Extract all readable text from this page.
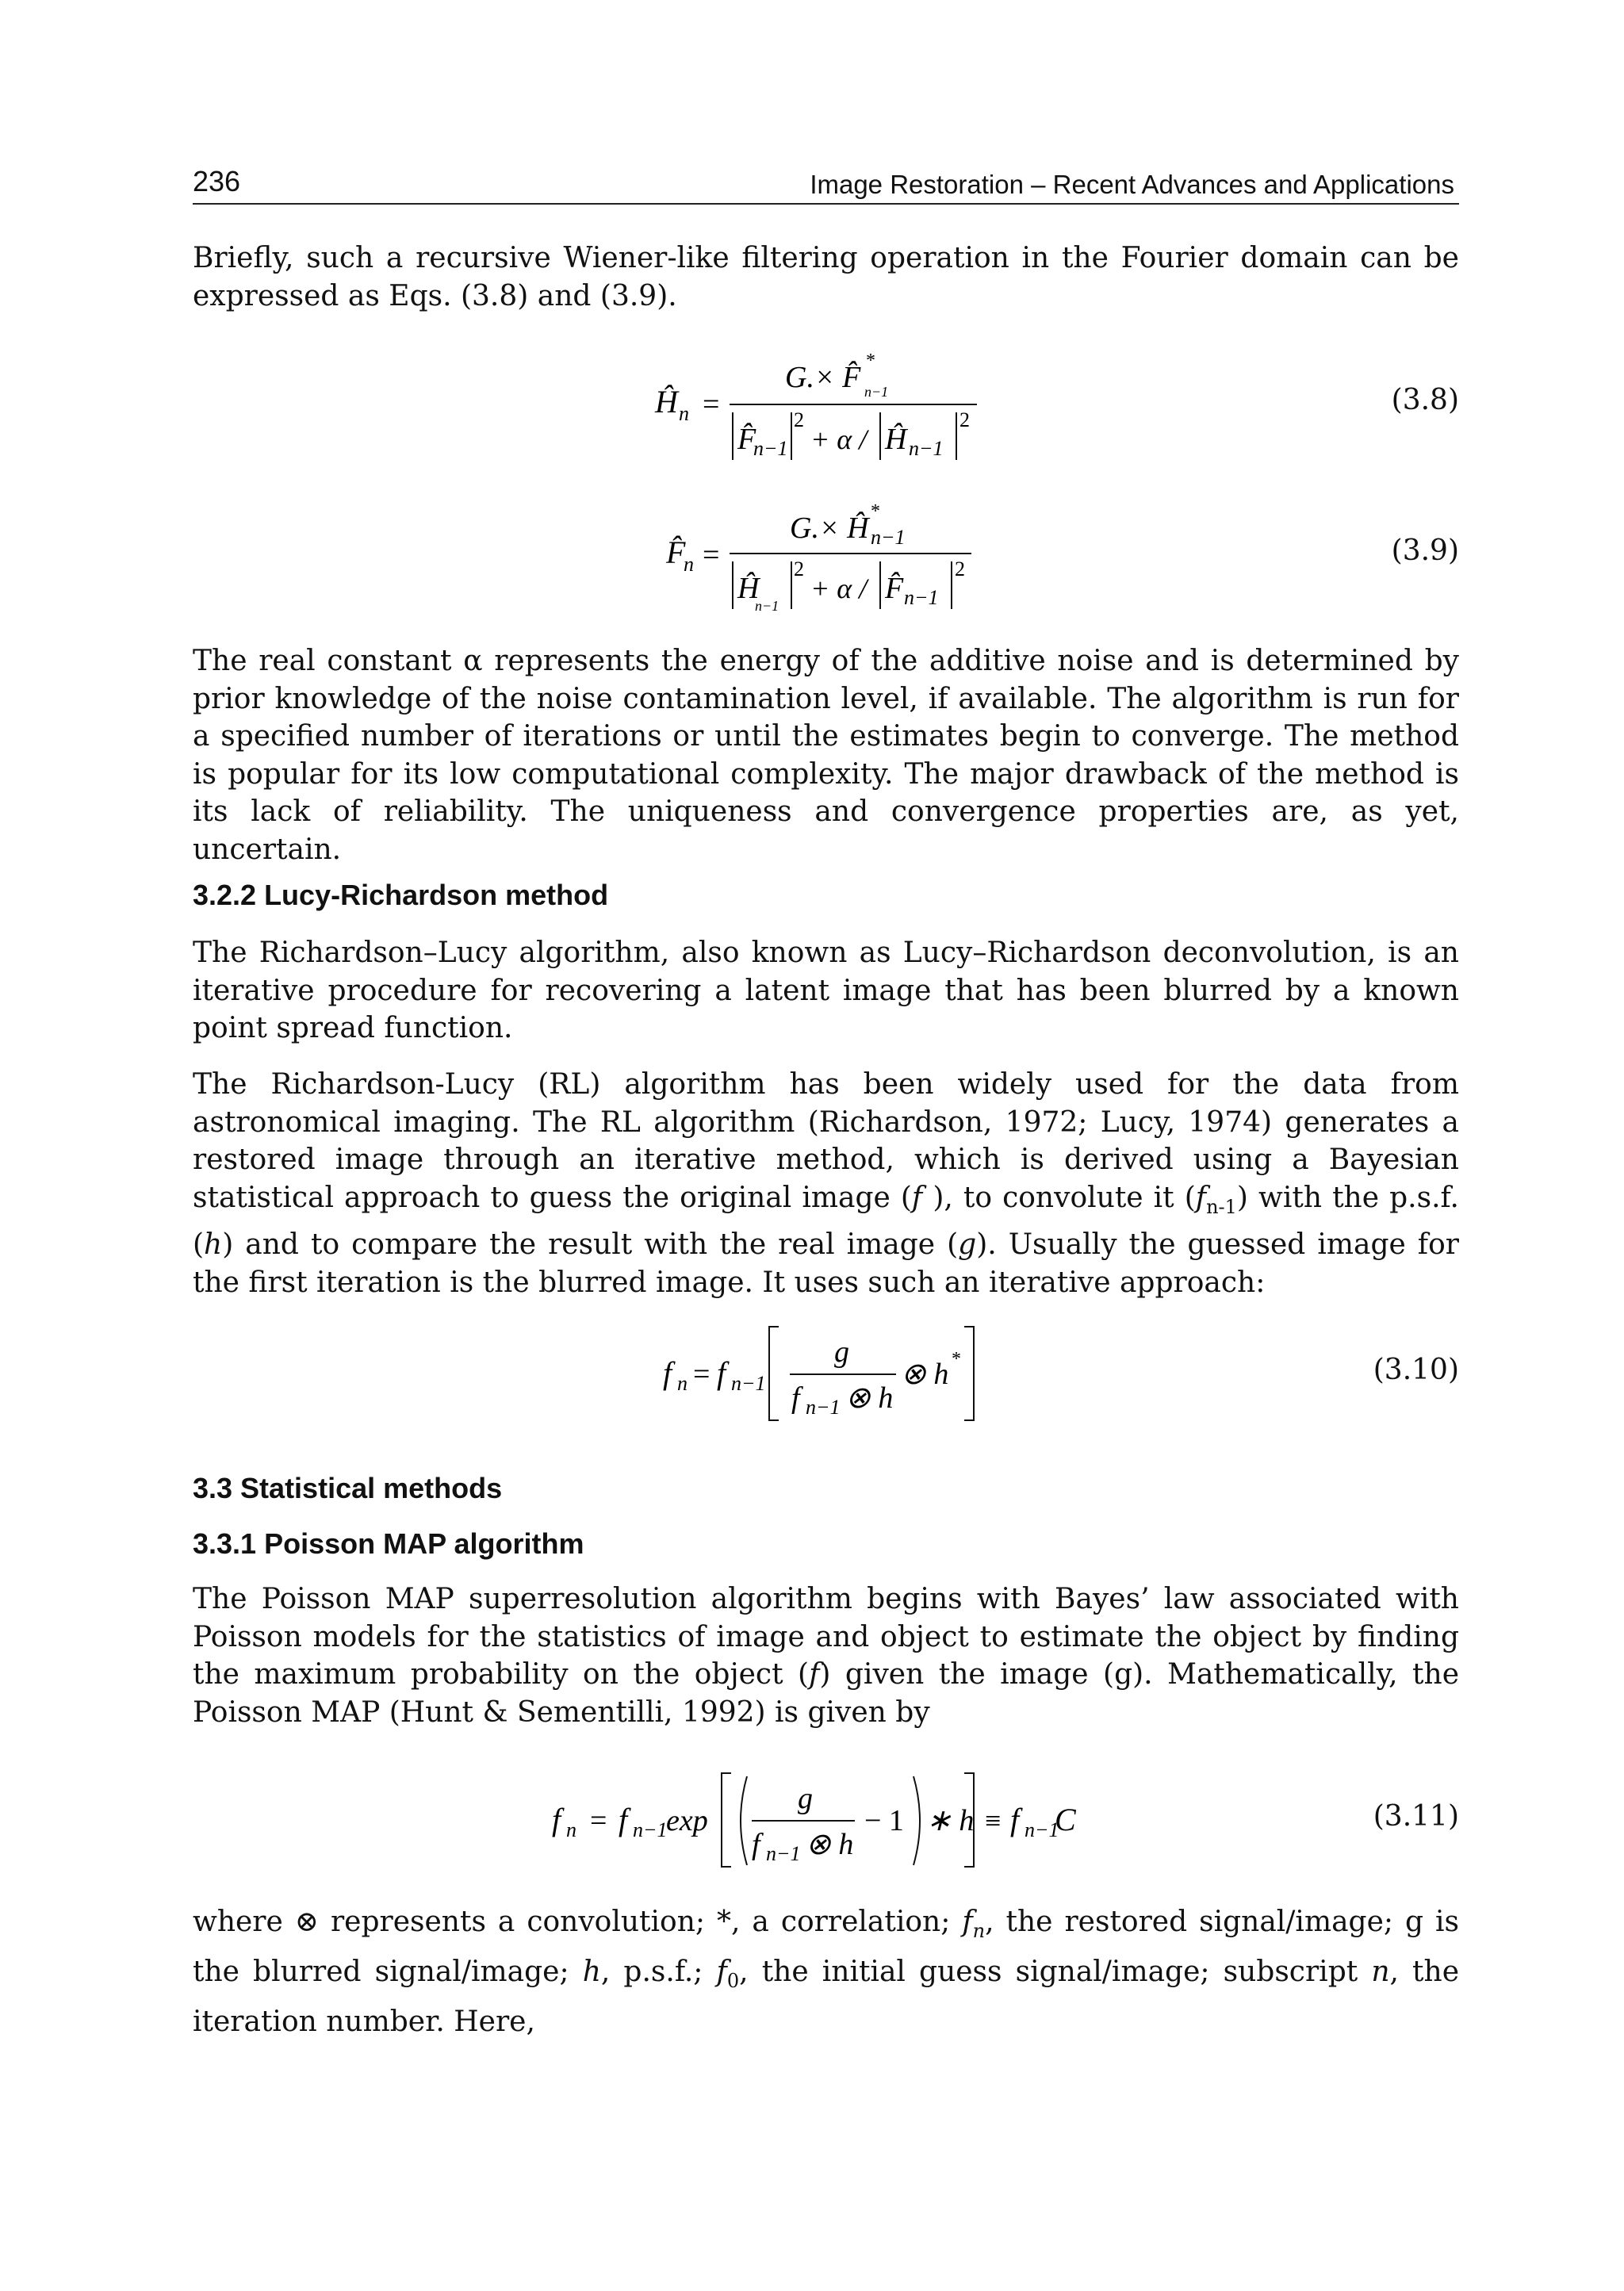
236	Image Restoration – Recent Advances and Applications

Briefly, such a recursive Wiener-like filtering operation in the Fourier domain can be expressed as Eqs. (3.8) and (3.9).

Ĥ n =
G.× F̂ *
n−1
F̂
n−1
2
+ α / Ĥ n−1
2
(3.8)
F̂
n =
G.× Ĥ *
n−1
Ĥ
n−1
2
+ α / F̂ n−1
2
(3.9)

The real constant α represents the energy of the additive noise and is determined by prior knowledge of the noise contamination level, if available. The algorithm is run for a specified number of iterations or until the estimates begin to converge. The method is popular for its low computational complexity. The major drawback of the method is its lack of reliability. The uniqueness and convergence properties are, as yet, uncertain.

3.2.2 Lucy-Richardson method

The Richardson–Lucy algorithm, also known as Lucy–Richardson deconvolution, is an iterative procedure for recovering a latent image that has been blurred by a known point spread function.

The Richardson-Lucy (RL) algorithm has been widely used for the data from astronomical imaging. The RL algorithm (Richardson, 1972; Lucy, 1974) generates a restored image through an iterative method, which is derived using a Bayesian statistical approach to guess the original image (f ), to convolute it $(f_{n-1})$ with the p.s.f. (h) and to compare the result with the real image (g). Usually the guessed image for the first iteration is the blurred image. It uses such an iterative approach:

f n = f n−1
g
f n−1 ⊗ h
⊗ h *	(3.10)
3.3 Statistical methods
3.3.1 Poisson MAP algorithm

The Poisson MAP superresolution algorithm begins with Bayes’ law associated with Poisson models for the statistics of image and object to estimate the object by finding the maximum probability on the object (f) given the image (g). Mathematically, the Poisson MAP (Hunt & Sementilli, 1992) is given by

f n = f n−1
exp
g
f n−1 ⊗ h
− 1 ∗ h ≡ f n−1
C	(3.11)

where ⊗ represents a convolution; *, a correlation; $f_n$, the restored signal/image; g is the blurred signal/image; h, p.s.f.; $f_0$, the initial guess signal/image; subscript n, the iteration number. Here,
